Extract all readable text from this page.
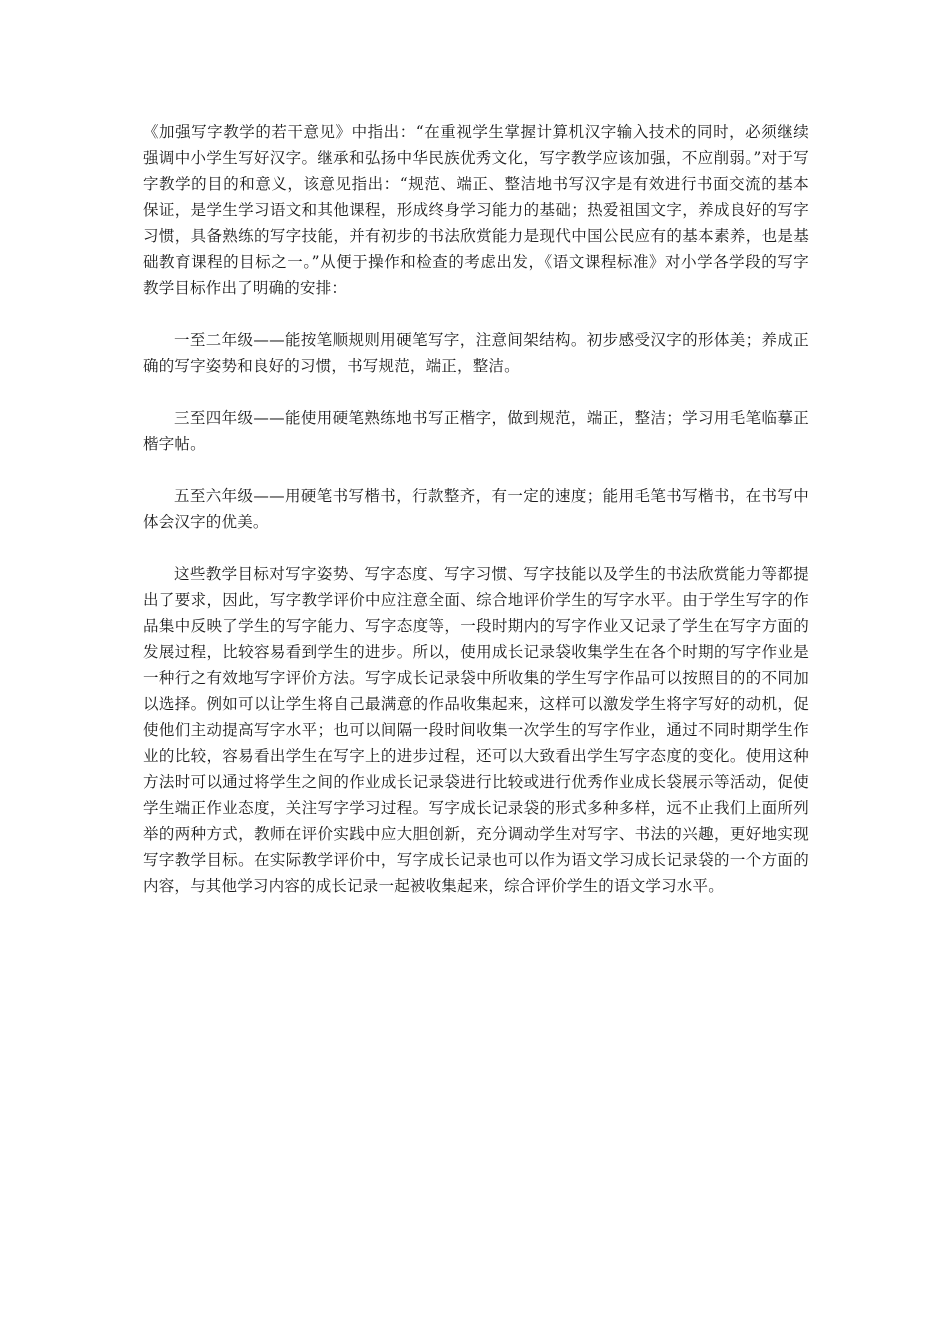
《加强写字教学的若干意见》中指出：“在重视学生掌握计算机汉字输入技术的同时，必须继续强调中小学生写好汉字。继承和弘扬中华民族优秀文化，写字教学应该加强，不应削弱。”对于写字教学的目的和意义，该意见指出：“规范、端正、整洁地书写汉字是有效进行书面交流的基本保证，是学生学习语文和其他课程，形成终身学习能力的基础；热爱祖国文字，养成良好的写字习惯，具备熟练的写字技能，并有初步的书法欣赏能力是现代中国公民应有的基本素养，也是基础教育课程的目标之一。”从便于操作和检查的考虑出发，《语文课程标准》对小学各学段的写字教学目标作出了明确的安排：

一至二年级——能按笔顺规则用硬笔写字，注意间架结构。初步感受汉字的形体美；养成正确的写字姿势和良好的习惯，书写规范，端正，整洁。

三至四年级——能使用硬笔熟练地书写正楷字，做到规范，端正，整洁；学习用毛笔临摹正楷字帖。

五至六年级——用硬笔书写楷书，行款整齐，有一定的速度；能用毛笔书写楷书，在书写中体会汉字的优美。

这些教学目标对写字姿势、写字态度、写字习惯、写字技能以及学生的书法欣赏能力等都提出了要求，因此，写字教学评价中应注意全面、综合地评价学生的写字水平。由于学生写字的作品集中反映了学生的写字能力、写字态度等，一段时期内的写字作业又记录了学生在写字方面的发展过程，比较容易看到学生的进步。所以，使用成长记录袋收集学生在各个时期的写字作业是一种行之有效地写字评价方法。写字成长记录袋中所收集的学生写字作品可以按照目的的不同加以选择。例如可以让学生将自己最满意的作品收集起来，这样可以激发学生将字写好的动机，促使他们主动提高写字水平；也可以间隔一段时间收集一次学生的写字作业，通过不同时期学生作业的比较，容易看出学生在写字上的进步过程，还可以大致看出学生写字态度的变化。使用这种方法时可以通过将学生之间的作业成长记录袋进行比较或进行优秀作业成长袋展示等活动，促使学生端正作业态度，关注写字学习过程。写字成长记录袋的形式多种多样，远不止我们上面所列举的两种方式，教师在评价实践中应大胆创新，充分调动学生对写字、书法的兴趣，更好地实现写字教学目标。在实际教学评价中，写字成长记录也可以作为语文学习成长记录袋的一个方面的内容，与其他学习内容的成长记录一起被收集起来，综合评价学生的语文学习水平。
